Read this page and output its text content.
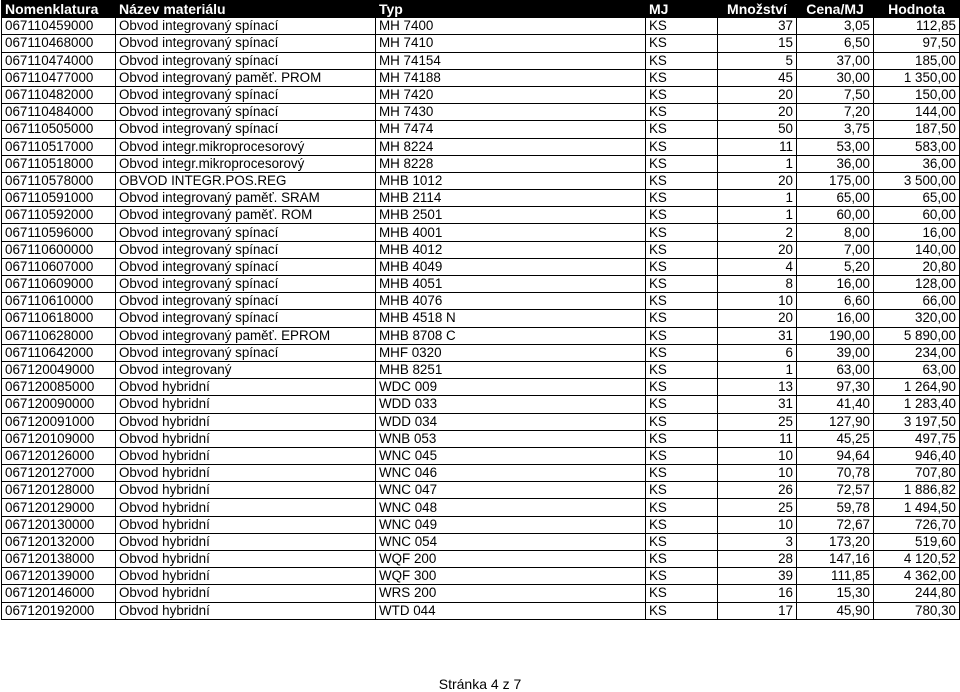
Nomenklatura	Název materiálu	Typ	MJ	Množství	Cena/MJ	Hodnota
067110459000	Obvod integrovaný spínací	MH 7400	KS	37	3,05	112,85
067110468000	Obvod integrovaný spínací	MH 7410	KS	15	6,50	97,50
067110474000	Obvod integrovaný spínací	MH 74154	KS	5	37,00	185,00
067110477000	Obvod integrovaný paměť. PROM	MH 74188	KS	45	30,00	1 350,00
067110482000	Obvod integrovaný spínací	MH 7420	KS	20	7,50	150,00
067110484000	Obvod integrovaný spínací	MH 7430	KS	20	7,20	144,00
067110505000	Obvod integrovaný spínací	MH 7474	KS	50	3,75	187,50
067110517000	Obvod integr.mikroprocesorový	MH 8224	KS	11	53,00	583,00
067110518000	Obvod integr.mikroprocesorový	MH 8228	KS	1	36,00	36,00
067110578000	OBVOD INTEGR.POS.REG	MHB 1012	KS	20	175,00	3 500,00
067110591000	Obvod integrovaný paměť. SRAM	MHB 2114	KS	1	65,00	65,00
067110592000	Obvod integrovaný paměť. ROM	MHB 2501	KS	1	60,00	60,00
067110596000	Obvod integrovaný spínací	MHB 4001	KS	2	8,00	16,00
067110600000	Obvod integrovaný spínací	MHB 4012	KS	20	7,00	140,00
067110607000	Obvod integrovaný spínací	MHB 4049	KS	4	5,20	20,80
067110609000	Obvod integrovaný spínací	MHB 4051	KS	8	16,00	128,00
067110610000	Obvod integrovaný spínací	MHB 4076	KS	10	6,60	66,00
067110618000	Obvod integrovaný spínací	MHB 4518 N	KS	20	16,00	320,00
067110628000	Obvod integrovaný paměť. EPROM	MHB 8708 C	KS	31	190,00	5 890,00
067110642000	Obvod integrovaný spínací	MHF 0320	KS	6	39,00	234,00
067120049000	Obvod integrovaný	MHB 8251	KS	1	63,00	63,00
067120085000	Obvod hybridní	WDC 009	KS	13	97,30	1 264,90
067120090000	Obvod hybridní	WDD 033	KS	31	41,40	1 283,40
067120091000	Obvod hybridní	WDD 034	KS	25	127,90	3 197,50
067120109000	Obvod hybridní	WNB 053	KS	11	45,25	497,75
067120126000	Obvod hybridní	WNC 045	KS	10	94,64	946,40
067120127000	Obvod hybridní	WNC 046	KS	10	70,78	707,80
067120128000	Obvod hybridní	WNC 047	KS	26	72,57	1 886,82
067120129000	Obvod hybridní	WNC 048	KS	25	59,78	1 494,50
067120130000	Obvod hybridní	WNC 049	KS	10	72,67	726,70
067120132000	Obvod hybridní	WNC 054	KS	3	173,20	519,60
067120138000	Obvod hybridní	WQF 200	KS	28	147,16	4 120,52
067120139000	Obvod hybridní	WQF 300	KS	39	111,85	4 362,00
067120146000	Obvod hybridní	WRS 200	KS	16	15,30	244,80
067120192000	Obvod hybridní	WTD 044	KS	17	45,90	780,30
Stránka 4 z 7
